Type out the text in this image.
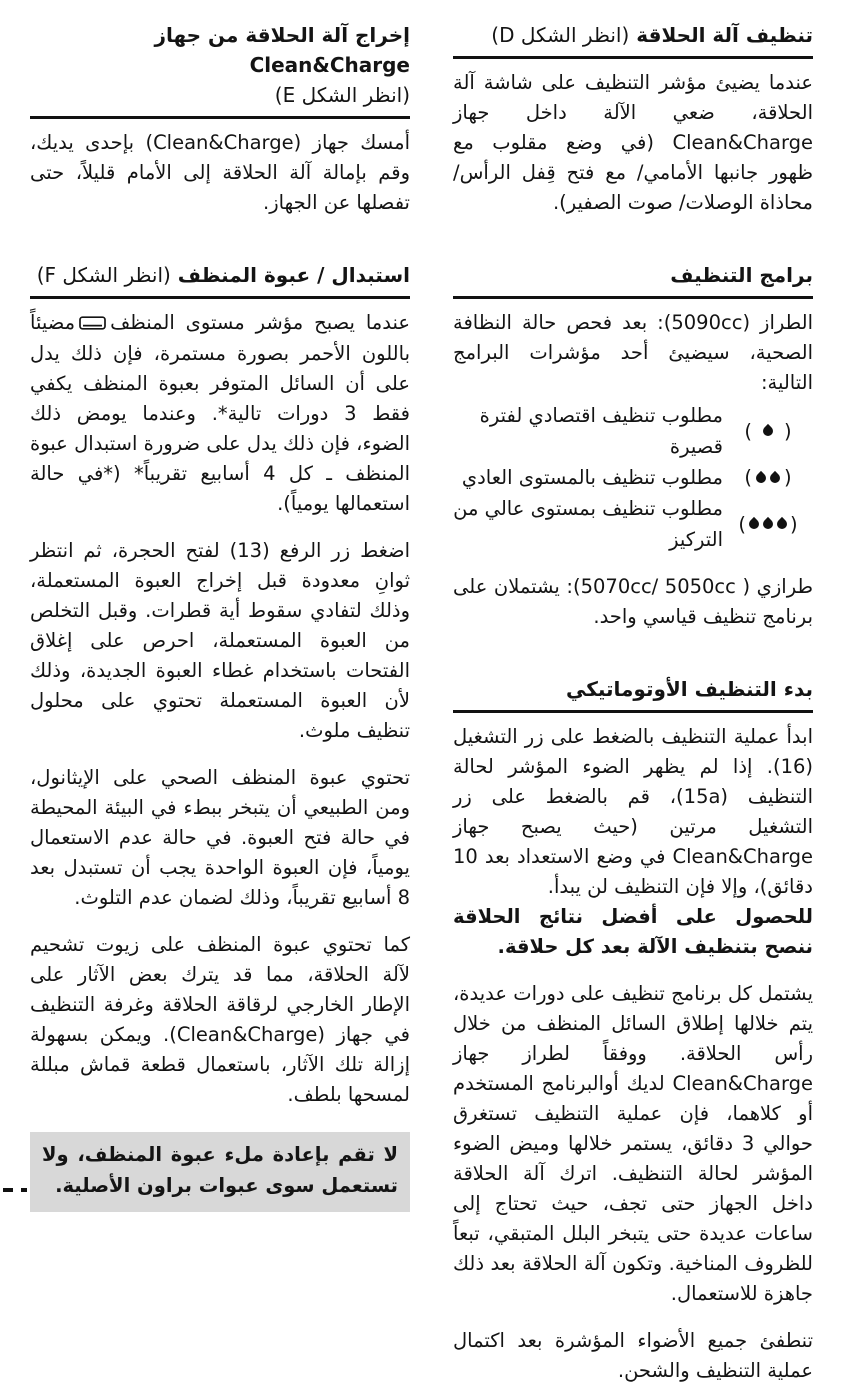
تنظيف آلة الحلاقة (انظر الشكل D)

عندما يضيئ مؤشر التنظيف على شاشة آلة الحلاقة، ضعي الآلة داخل جهاز Clean&Charge (في وضع مقلوب مع ظهور جانبها الأمامي/ مع فتح قِفل الرأس/ محاذاة الوصلات/ صوت الصفير).

برامج التنظيف

الطراز (5090cc): بعد فحص حالة النظافة الصحية، سيضيئ أحد مؤشرات البرامج التالية:

( )
مطلوب تنظيف اقتصادي لفترة قصيرة
( )
مطلوب تنظيف بالمستوى العادي
( )
مطلوب تنظيف بمستوى عالي من التركيز

طرازي ( 5070cc/ 5050cc): يشتملان على برنامج تنظيف قياسي واحد.

بدء التنظيف الأوتوماتيكي

ابدأ عملية التنظيف بالضغط على زر التشغيل (16). إذا لم يظهر الضوء المؤشر لحالة التنظيف (15a)، قم بالضغط على زر التشغيل مرتين (حيث يصبح جهاز Clean&Charge في وضع الاستعداد بعد 10 دقائق)، وإلا فإن التنظيف لن يبدأ.

للحصول على أفضل نتائج الحلاقة ننصح بتنظيف الآلة بعد كل حلاقة.

يشتمل كل برنامج تنظيف على دورات عديدة، يتم خلالها إطلاق السائل المنظف من خلال رأس الحلاقة. ووفقاً لطراز جهاز Clean&Charge لديك أوالبرنامج المستخدم أو كلاهما، فإن عملية التنظيف تستغرق حوالي 3 دقائق، يستمر خلالها وميض الضوء المؤشر لحالة التنظيف. اترك آلة الحلاقة داخل الجهاز حتى تجف، حيث تحتاج إلى ساعات عديدة حتى يتبخر البلل المتبقي، تبعاً للظروف المناخية. وتكون آلة الحلاقة بعد ذلك جاهزة للاستعمال.

تنطفئ جميع الأضواء المؤشرة بعد اكتمال عملية التنظيف والشحن.

إخراج آلة الحلاقة من جهاز Clean&Charge
(انظر الشكل E)

أمسك جهاز (Clean&Charge) بإحدى يديك، وقم بإمالة آلة الحلاقة إلى الأمام قليلاً، حتى تفصلها عن الجهاز.

استبدال / عبوة المنظف (انظر الشكل F)

عندما يصبح مؤشر مستوى المنظفمضيئاً باللون الأحمر بصورة مستمرة، فإن ذلك يدل على أن السائل المتوفر بعبوة المنظف يكفي فقط 3 دورات تالية*. وعندما يومض ذلك الضوء، فإن ذلك يدل على ضرورة استبدال عبوة المنظف ـ كل 4 أسابيع تقريباً* (*في حالة استعمالها يومياً).

اضغط زر الرفع (13) لفتح الحجرة، ثم انتظر ثوانِ معدودة قبل إخراج العبوة المستعملة، وذلك لتفادي سقوط أية قطرات. وقبل التخلص من العبوة المستعملة، احرص على إغلاق الفتحات باستخدام غطاء العبوة الجديدة، وذلك لأن العبوة المستعملة تحتوي على محلول تنظيف ملوث.

تحتوي عبوة المنظف الصحي على الإيثانول، ومن الطبيعي أن يتبخر ببطء في البيئة المحيطة في حالة فتح العبوة. في حالة عدم الاستعمال يومياً، فإن العبوة الواحدة يجب أن تستبدل بعد 8 أسابيع تقريباً، وذلك لضمان عدم التلوث.

كما تحتوي عبوة المنظف على زيوت تشحيم لآلة الحلاقة، مما قد يترك بعض الآثار على الإطار الخارجي لرقاقة الحلاقة وغرفة التنظيف في جهاز (Clean&Charge). ويمكن بسهولة إزالة تلك الآثار، باستعمال قطعة قماش مبللة لمسحها بلطف.

لا تقم بإعادة ملء عبوة المنظف، ولا تستعمل سوى عبوات براون الأصلية.
